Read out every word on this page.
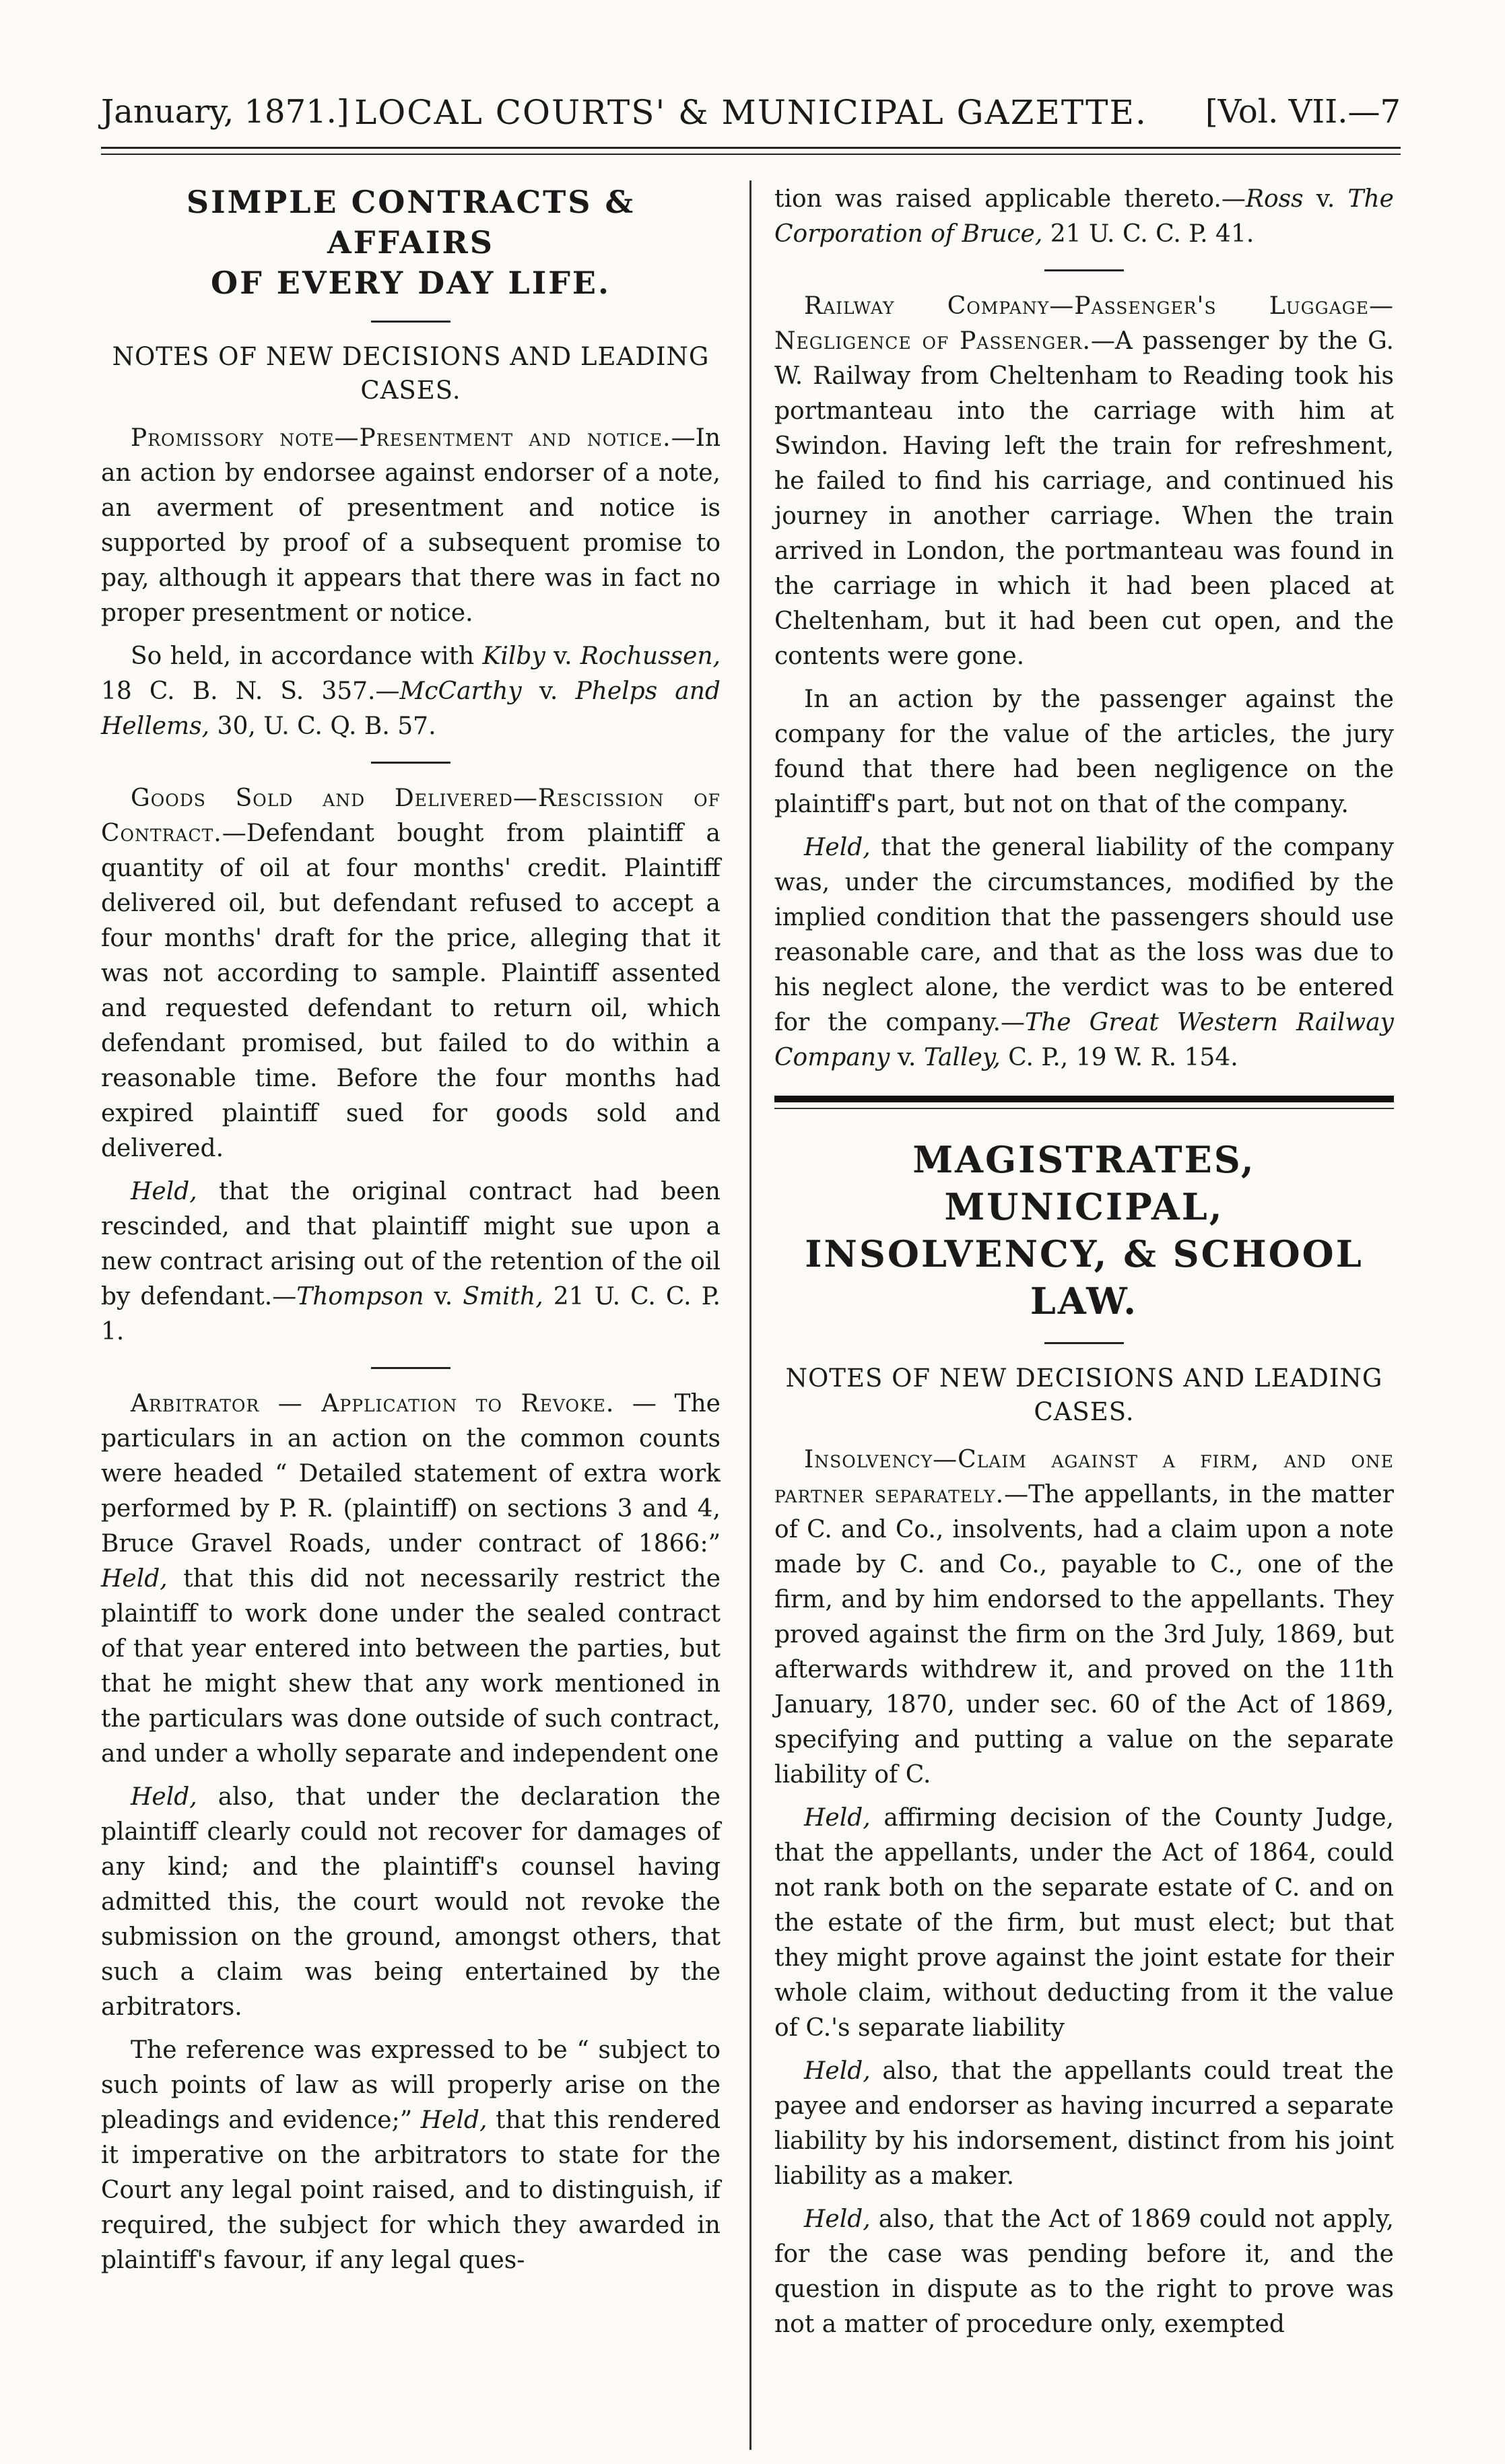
January, 1871.] LOCAL COURTS' & MUNICIPAL GAZETTE.	[Vol. VII.—7
SIMPLE CONTRACTS & AFFAIRS
OF EVERY DAY LIFE.

NOTES OF NEW DECISIONS AND LEADING CASES.

Promissory note—Presentment and notice.—In an action by endorsee against endorser of a note, an averment of presentment and notice is supported by proof of a subsequent promise to pay, although it appears that there was in fact no proper presentment or notice.

So held, in accordance with Kilby v. Rochussen, 18 C. B. N. S. 357.—McCarthy v. Phelps and Hellems, 30, U. C. Q. B. 57.

Goods Sold and Delivered—Rescission of Contract.—Defendant bought from plaintiff a quantity of oil at four months' credit. Plaintiff delivered oil, but defendant refused to accept a four months' draft for the price, alleging that it was not according to sample. Plaintiff assented and requested defendant to return oil, which defendant promised, but failed to do within a reasonable time. Before the four months had expired plaintiff sued for goods sold and delivered.

Held, that the original contract had been rescinded, and that plaintiff might sue upon a new contract arising out of the retention of the oil by defendant.—Thompson v. Smith, 21 U. C. C. P. 1.

Arbitrator — Application to Revoke. — The particulars in an action on the common counts were headed “ Detailed statement of extra work performed by P. R. (plaintiff) on sections 3 and 4, Bruce Gravel Roads, under contract of 1866:” Held, that this did not necessarily restrict the plaintiff to work done under the sealed contract of that year entered into between the parties, but that he might shew that any work mentioned in the particulars was done outside of such contract, and under a wholly separate and independent one

Held, also, that under the declaration the plaintiff clearly could not recover for damages of any kind; and the plaintiff's counsel having admitted this, the court would not revoke the submission on the ground, amongst others, that such a claim was being entertained by the arbitrators.

The reference was expressed to be “ subject to such points of law as will properly arise on the pleadings and evidence;” Held, that this rendered it imperative on the arbitrators to state for the Court any legal point raised, and to distinguish, if required, the subject for which they awarded in plaintiff's favour, if any legal ques-

tion was raised applicable thereto.—Ross v. The Corporation of Bruce, 21 U. C. C. P. 41.

Railway Company—Passenger's Luggage—Negligence of Passenger.—A passenger by the G. W. Railway from Cheltenham to Reading took his portmanteau into the carriage with him at Swindon. Having left the train for refreshment, he failed to find his carriage, and continued his journey in another carriage. When the train arrived in London, the portmanteau was found in the carriage in which it had been placed at Cheltenham, but it had been cut open, and the contents were gone.

In an action by the passenger against the company for the value of the articles, the jury found that there had been negligence on the plaintiff's part, but not on that of the company.

Held, that the general liability of the company was, under the circumstances, modified by the implied condition that the passengers should use reasonable care, and that as the loss was due to his neglect alone, the verdict was to be entered for the company.—The Great Western Railway Company v. Talley, C. P., 19 W. R. 154.

MAGISTRATES, MUNICIPAL,
INSOLVENCY, & SCHOOL LAW.

NOTES OF NEW DECISIONS AND LEADING CASES.

Insolvency—Claim against a firm, and one partner separately.—The appellants, in the matter of C. and Co., insolvents, had a claim upon a note made by C. and Co., payable to C., one of the firm, and by him endorsed to the appellants. They proved against the firm on the 3rd July, 1869, but afterwards withdrew it, and proved on the 11th January, 1870, under sec. 60 of the Act of 1869, specifying and putting a value on the separate liability of C.

Held, affirming decision of the County Judge, that the appellants, under the Act of 1864, could not rank both on the separate estate of C. and on the estate of the firm, but must elect; but that they might prove against the joint estate for their whole claim, without deducting from it the value of C.'s separate liability

Held, also, that the appellants could treat the payee and endorser as having incurred a separate liability by his indorsement, distinct from his joint liability as a maker.

Held, also, that the Act of 1869 could not apply, for the case was pending before it, and the question in dispute as to the right to prove was not a matter of procedure only, exempted
